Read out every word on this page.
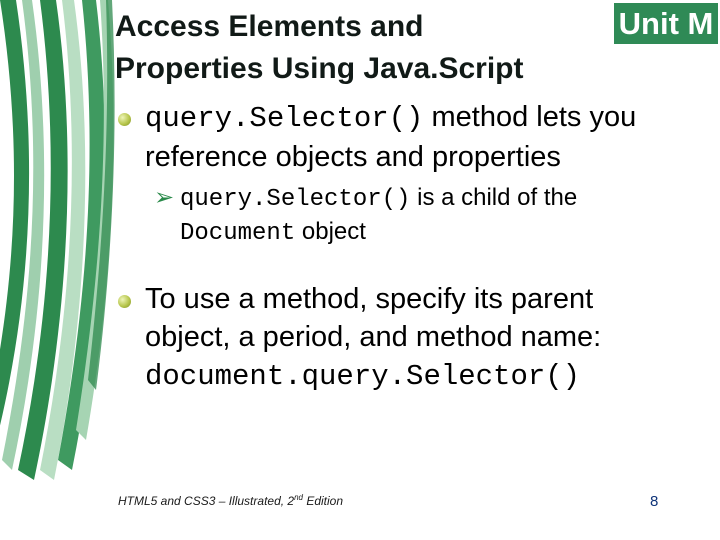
Access Elements and
Properties Using Java.Script
Unit M

query.Selector() method lets you
reference objects and properties

➢ query.Selector() is a child of the
Document object

To use a method, specify its parent
object, a period, and method name:
document.query.Selector()

HTML5 and CSS3 – Illustrated, 2nd Edition	8
